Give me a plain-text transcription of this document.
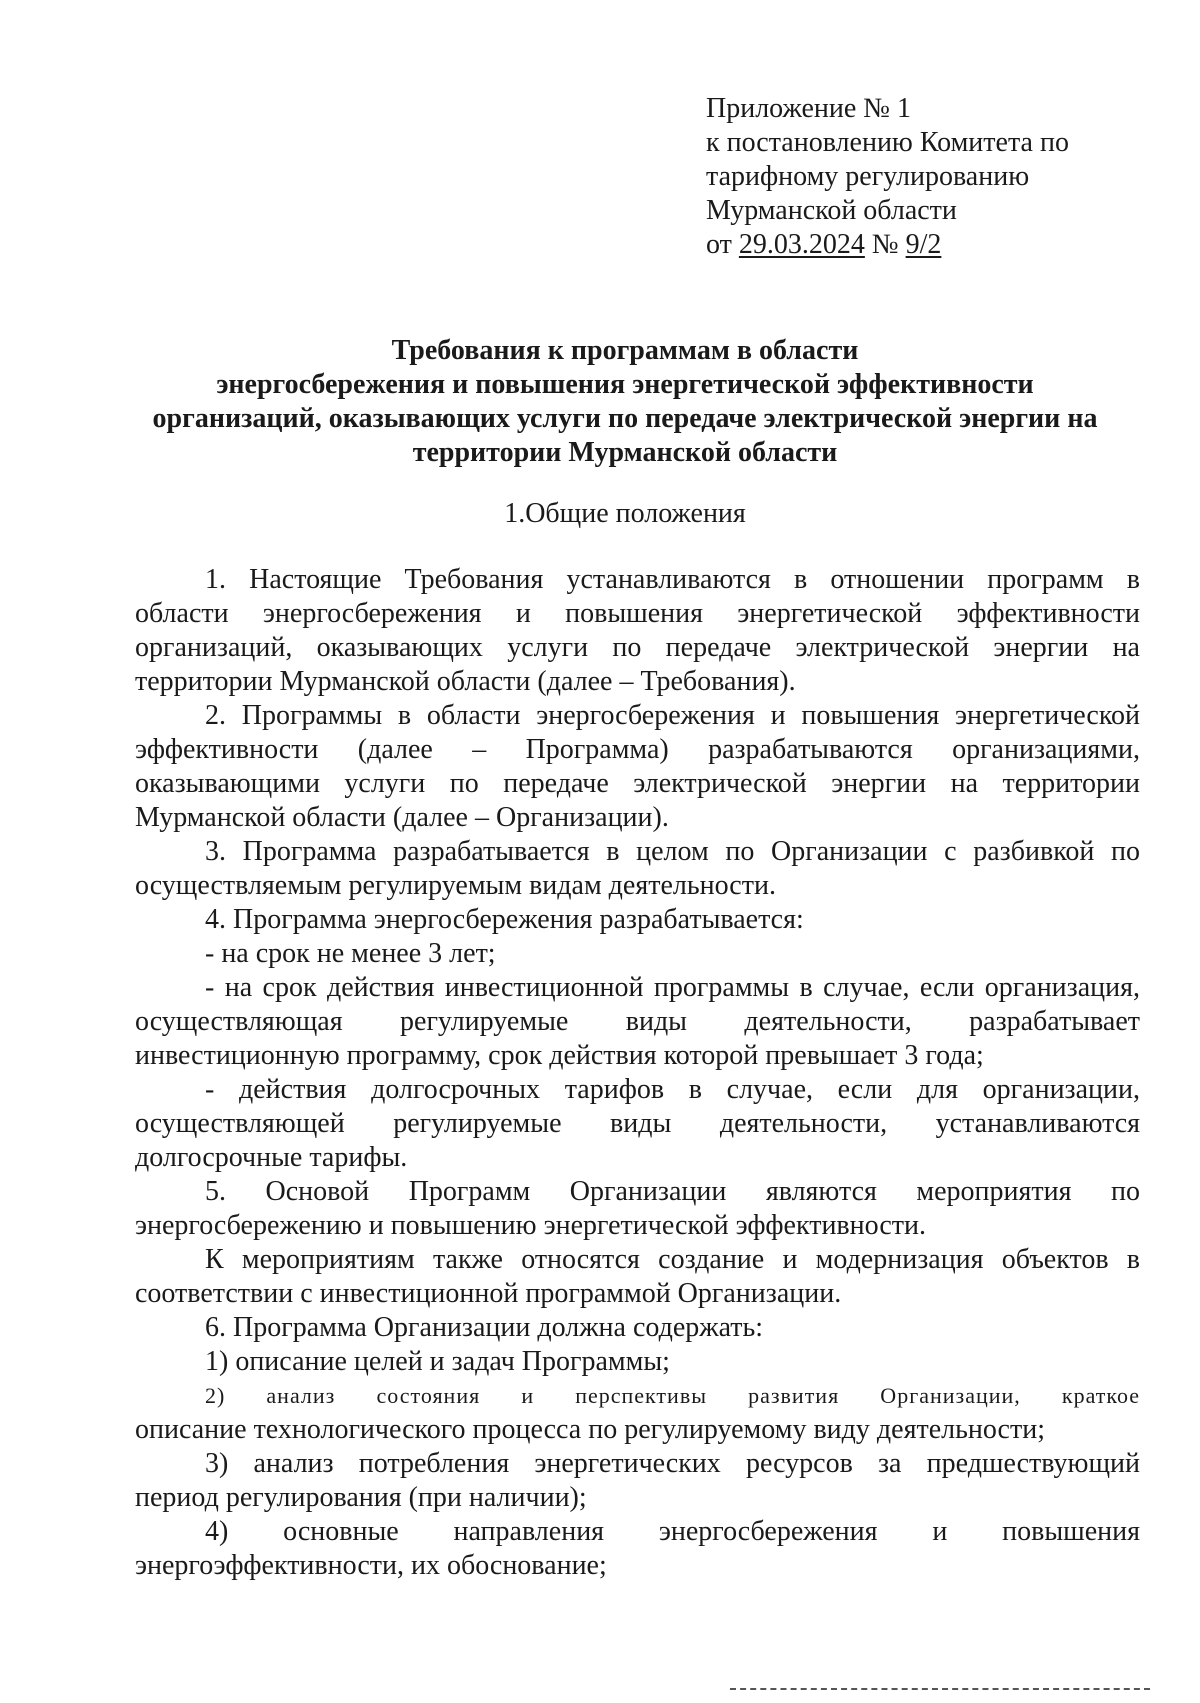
Приложение № 1
к постановлению Комитета по
тарифному регулированию
Мурманской области
от 29.03.2024 № 9/2
Требования к программам в области
энергосбережения и повышения энергетической эффективности
организаций, оказывающих услуги по передаче электрической энергии на
территории Мурманской области
1.Общие положения
1. Настоящие Требования устанавливаются в отношении программ в
области энергосбережения и повышения энергетической эффективности
организаций, оказывающих услуги по передаче электрической энергии на
территории Мурманской области (далее – Требования).
2. Программы в области энергосбережения и повышения энергетической
эффективности (далее – Программа) разрабатываются организациями,
оказывающими услуги по передаче электрической энергии на территории
Мурманской области (далее – Организации).
3. Программа разрабатывается в целом по Организации с разбивкой по
осуществляемым регулируемым видам деятельности.
4. Программа энергосбережения разрабатывается:
- на срок не менее 3 лет;
- на срок действия инвестиционной программы в случае, если организация,
осуществляющая регулируемые виды деятельности, разрабатывает
инвестиционную программу, срок действия которой превышает 3 года;
- действия долгосрочных тарифов в случае, если для организации,
осуществляющей регулируемые виды деятельности, устанавливаются
долгосрочные тарифы.
5. Основой Программ Организации являются мероприятия по
энергосбережению и повышению энергетической эффективности.
К мероприятиям также относятся создание и модернизация объектов в
соответствии с инвестиционной программой Организации.
6. Программа Организации должна содержать:
1) описание целей и задач Программы;
2) анализ состояния и перспективы развития Организации, краткое
описание технологического процесса по регулируемому виду деятельности;
3) анализ потребления энергетических ресурсов за предшествующий
период регулирования (при наличии);
4) основные направления энергосбережения и повышения
энергоэффективности, их обоснование;
